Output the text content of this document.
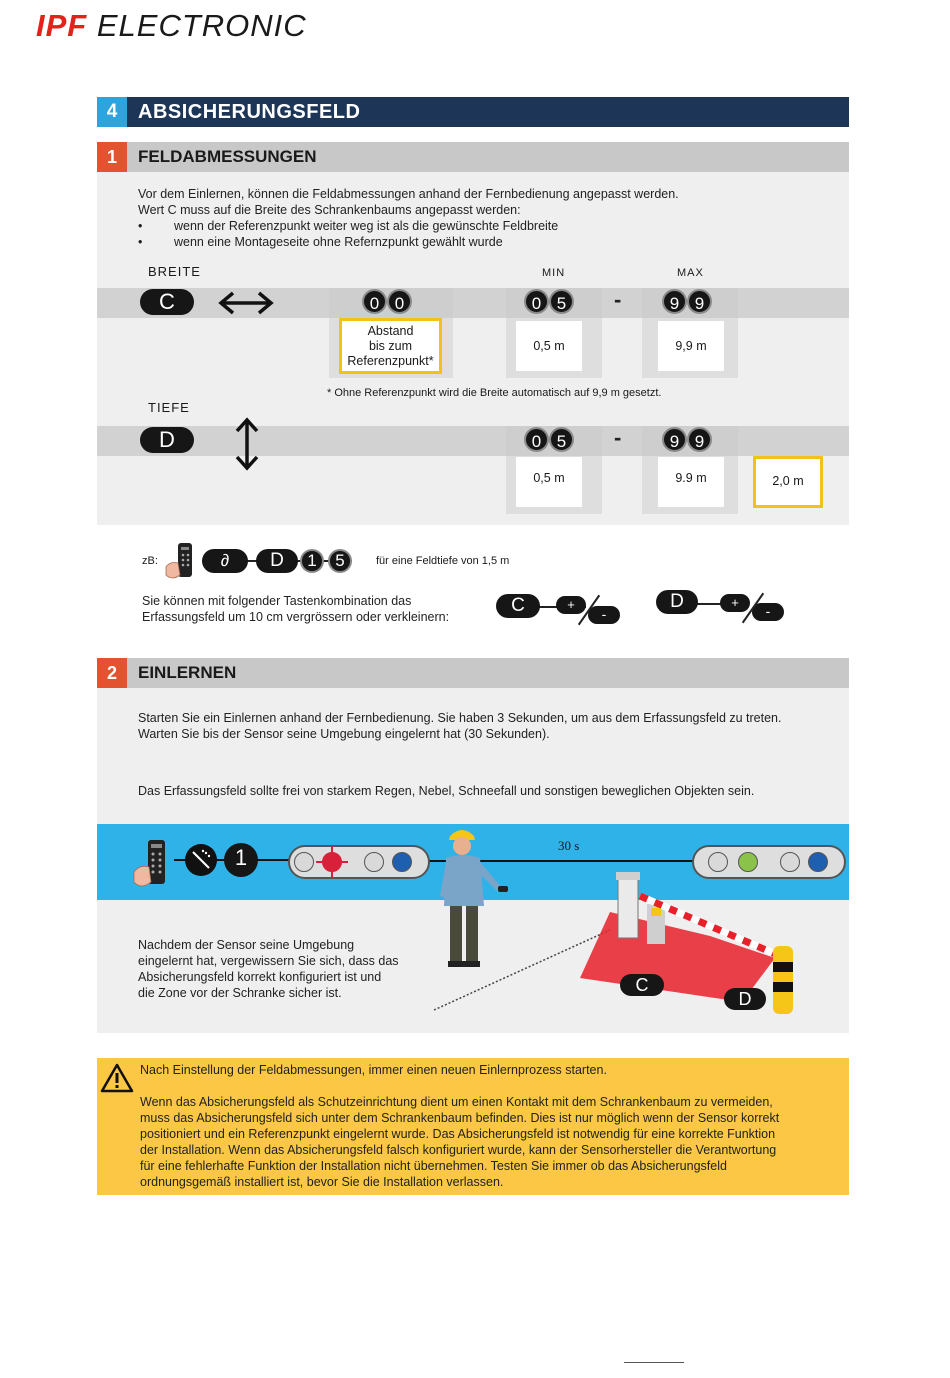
IPF ELECTRONIC
4	ABSICHERUNGSFELD
1	FELDABMESSUNGEN
Vor dem Einlernen, können die Feldabmessungen anhand der Fernbedienung angepasst werden.
Wert C muss auf die Breite des Schrankenbaums angepasst werden:
•	wenn der Referenzpunkt weiter weg ist als die gewünschte Feldbreite
•	wenn eine Montageseite ohne Refernzpunkt gewählt wurde
BREITE	MIN	MAX
C	0 0	0 5	-	9 9
Abstand
bis zum
Referenzpunkt*
0,5 m	9,9 m
* Ohne Referenzpunkt wird die Breite automatisch auf 9,9 m gesetzt.
TIEFE
D	0 5	-	9 9
0,5 m	9.9 m	2,0 m
zB:	∂	D	1	5	für eine Feldtiefe von 1,5 m
Sie können mit folgender Tastenkombination das
Erfassungsfeld um 10 cm vergrössern oder verkleinern:
C	+
-
D	+
-
2	EINLERNEN
Starten Sie ein Einlernen anhand der Fernbedienung. Sie haben 3 Sekunden, um aus dem Erfassungsfeld zu treten.
Warten Sie bis der Sensor seine Umgebung eingelernt hat (30 Sekunden).
Das Erfassungsfeld sollte frei von starkem Regen, Nebel, Schneefall und sonstigen beweglichen Objekten sein.
1	30 s
Nachdem der Sensor seine Umgebung
eingelernt hat, vergewissern Sie sich, dass das
Absicherungsfeld korrekt konfiguriert ist und
die Zone vor der Schranke sicher ist.	C
D
Nach Einstellung der Feldabmessungen, immer einen neuen Einlernprozess starten.
Wenn das Absicherungsfeld als Schutzeinrichtung dient um einen Kontakt mit dem Schrankenbaum zu vermeiden,
muss das Absicherungsfeld sich unter dem Schrankenbaum befinden. Dies ist nur möglich wenn der Sensor korrekt
positioniert und ein Referenzpunkt eingelernt wurde. Das Absicherungsfeld ist notwendig für eine korrekte Funktion
der Installation. Wenn das Absicherungsfeld falsch konfiguriert wurde, kann der Sensorhersteller die Verantwortung
für eine fehlerhafte Funktion der Installation nicht übernehmen. Testen Sie immer ob das Absicherungsfeld
ordnungsgemäß installiert ist, bevor Sie die Installation verlassen.
